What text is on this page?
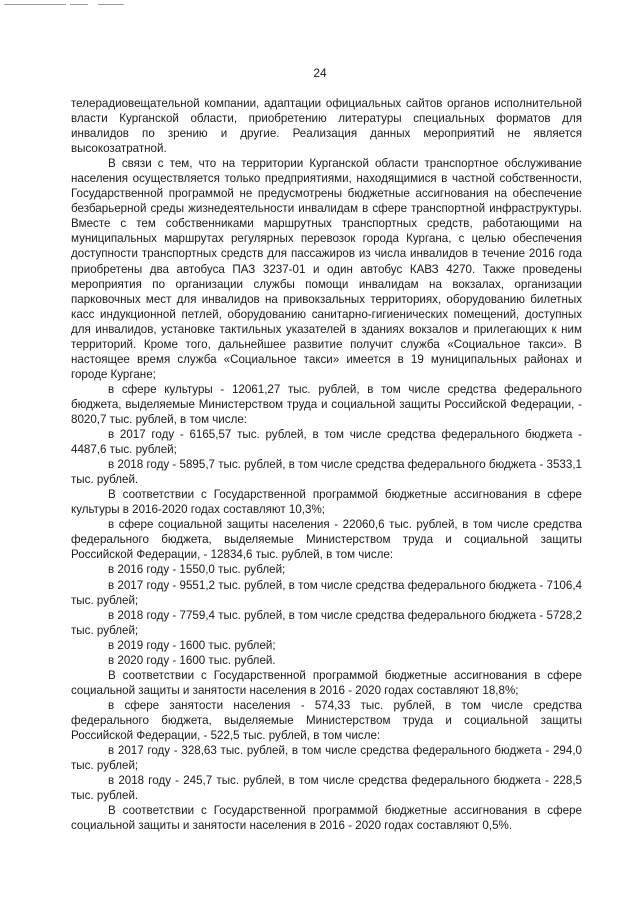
24

телерадиовещательной компании, адаптации официальных сайтов органов исполнительной власти Курганской области, приобретению литературы специальных форматов для инвалидов по зрению и другие. Реализация данных мероприятий не является высокозатратной.

В связи с тем, что на территории Курганской области транспортное обслуживание населения осуществляется только предприятиями, находящимися в частной собственности, Государственной программой не предусмотрены бюджетные ассигнования на обеспечение безбарьерной среды жизнедеятельности инвалидам в сфере транспортной инфраструктуры. Вместе с тем собственниками маршрутных транспортных средств, работающими на муниципальных маршрутах регулярных перевозок города Кургана, с целью обеспечения доступности транспортных средств для пассажиров из числа инвалидов в течение 2016 года приобретены два автобуса ПАЗ 3237-01 и один автобус КАВЗ 4270. Также проведены мероприятия по организации службы помощи инвалидам на вокзалах, организации парковочных мест для инвалидов на привокзальных территориях, оборудованию билетных касс индукционной петлей, оборудованию санитарно-гигиенических помещений, доступных для инвалидов, установке тактильных указателей в зданиях вокзалов и прилегающих к ним территорий. Кроме того, дальнейшее развитие получит служба «Социальное такси». В настоящее время служба «Социальное такси» имеется в 19 муниципальных районах и городе Кургане;

в сфере культуры - 12061,27 тыс. рублей, в том числе средства федерального бюджета, выделяемые Министерством труда и социальной защиты Российской Федерации, - 8020,7 тыс. рублей, в том числе:

в 2017 году - 6165,57 тыс. рублей, в том числе средства федерального бюджета - 4487,6 тыс. рублей;

в 2018 году - 5895,7 тыс. рублей, в том числе средства федерального бюджета - 3533,1 тыс. рублей.

В соответствии с Государственной программой бюджетные ассигнования в сфере культуры в 2016-2020 годах составляют 10,3%;

в сфере социальной защиты населения - 22060,6 тыс. рублей, в том числе средства федерального бюджета, выделяемые Министерством труда и социальной защиты Российской Федерации, - 12834,6 тыс. рублей, в том числе:

в 2016 году - 1550,0 тыс. рублей;

в 2017 году - 9551,2 тыс. рублей, в том числе средства федерального бюджета - 7106,4 тыс. рублей;

в 2018 году - 7759,4 тыс. рублей, в том числе средства федерального бюджета - 5728,2 тыс. рублей;

в 2019 году - 1600 тыс. рублей;

в 2020 году - 1600 тыс. рублей.

В соответствии с Государственной программой бюджетные ассигнования в сфере социальной защиты и занятости населения в 2016 - 2020 годах составляют 18,8%;

в сфере занятости населения - 574,33 тыс. рублей, в том числе средства федерального бюджета, выделяемые Министерством труда и социальной защиты Российской Федерации, - 522,5 тыс. рублей, в том числе:

в 2017 году - 328,63 тыс. рублей, в том числе средства федерального бюджета - 294,0 тыс. рублей;

в 2018 году - 245,7 тыс. рублей, в том числе средства федерального бюджета - 228,5 тыс. рублей.

В соответствии с Государственной программой бюджетные ассигнования в сфере социальной защиты и занятости населения в 2016 - 2020 годах составляют 0,5%.
